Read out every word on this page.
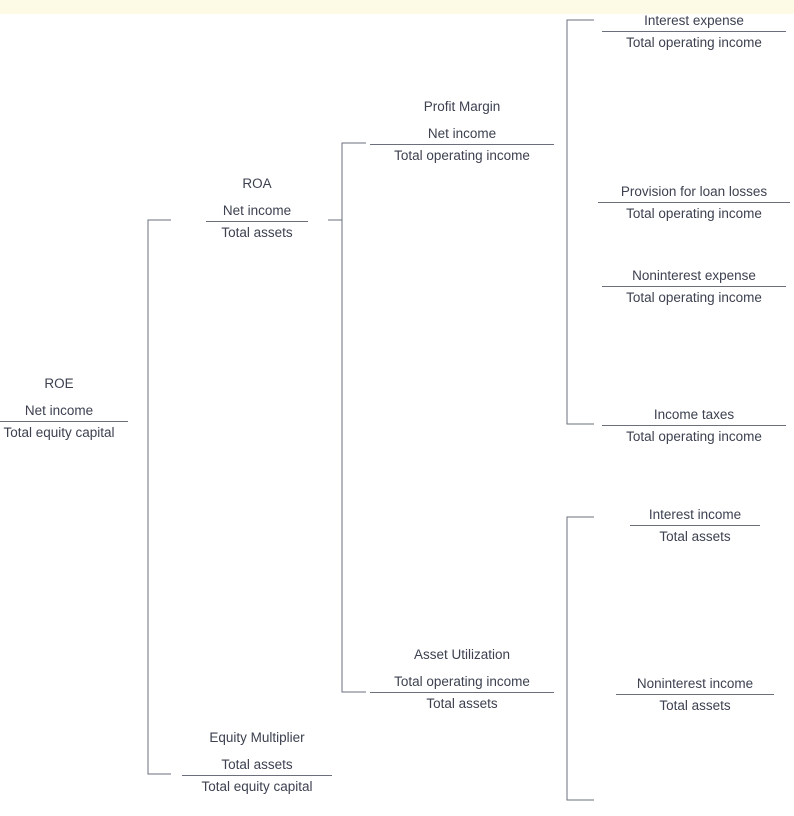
ROE
Net income
Total equity capital
ROA
Net income
Total assets
Equity Multiplier
Total assets
Total equity capital
Profit Margin
Net income
Total operating income
Asset Utilization
Total operating income
Total assets
Interest expense
Total operating income
Provision for loan losses
Total operating income
Noninterest expense
Total operating income
Income taxes
Total operating income
Interest income
Total assets
Noninterest income
Total assets
